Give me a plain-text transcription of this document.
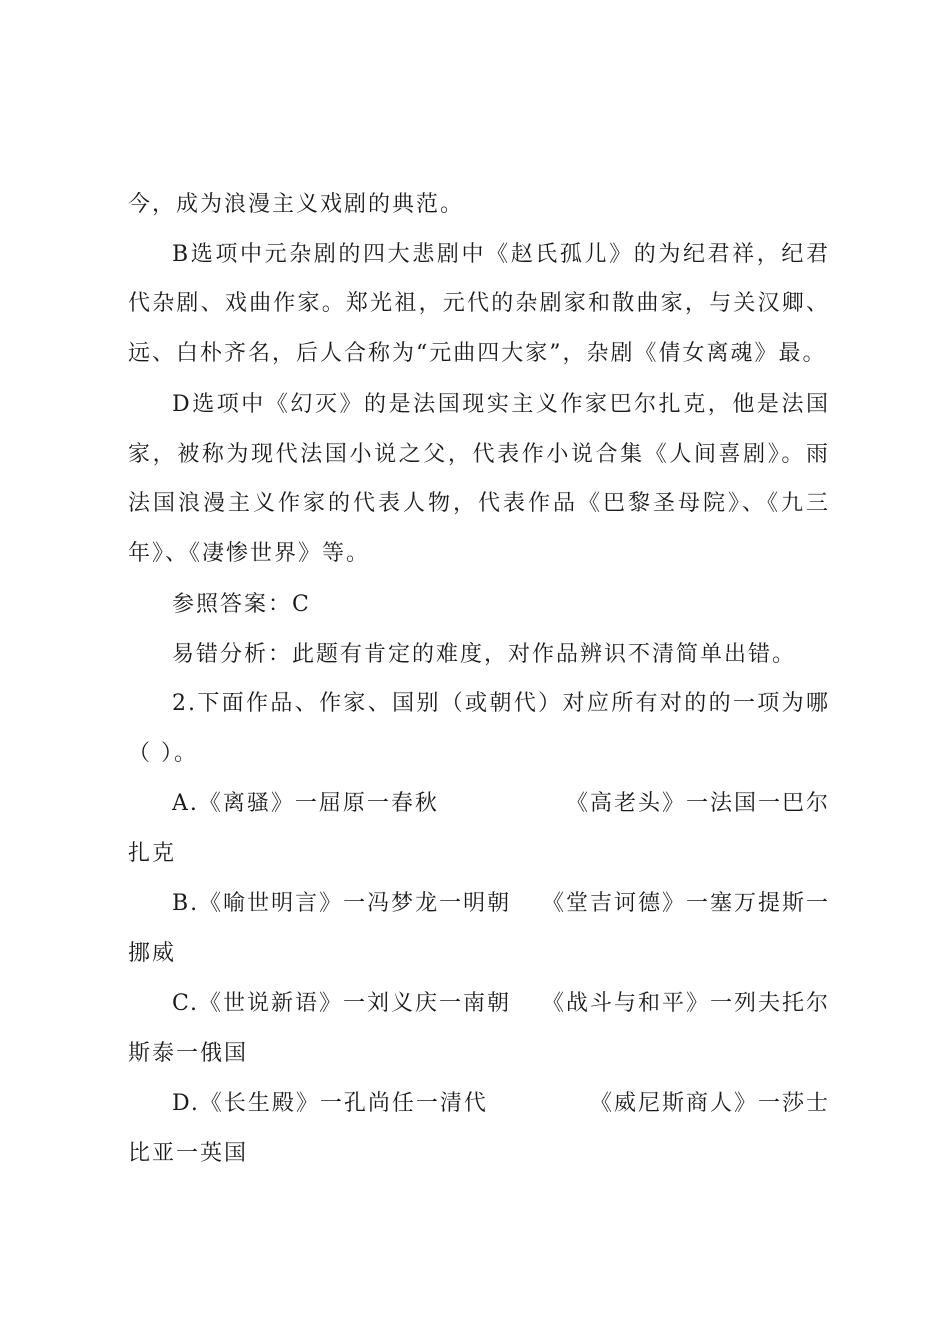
今，成为浪漫主义戏剧的典范。
B选项中元杂剧的四大悲剧中《赵氏孤儿》的为纪君祥，纪君
代杂剧、戏曲作家。郑光祖，元代的杂剧家和散曲家，与关汉卿、
远、白朴齐名，后人合称为“元曲四大家”，杂剧《倩女离魂》最。
D选项中《幻灭》的是法国现实主义作家巴尔扎克，他是法国
家，被称为现代法国小说之父，代表作小说合集《人间喜剧》。雨
法国浪漫主义作家的代表人物，代表作品《巴黎圣母院》、《九三
年》、《凄惨世界》等。
参照答案：C
易错分析：此题有肯定的难度，对作品辨识不清简单出错。
2.下面作品、作家、国别（或朝代）对应所有对的的一项为哪
（ ）。
A.《离骚》一屈原一春秋	《高老头》一法国一巴尔
扎克
B.《喻世明言》一冯梦龙一明朝 《堂吉诃德》一塞万提斯一
挪威
C.《世说新语》一刘义庆一南朝 《战斗与和平》一列夫托尔
斯泰一俄国
D.《长生殿》一孔尚任一清代	《威尼斯商人》一莎士
比亚一英国
